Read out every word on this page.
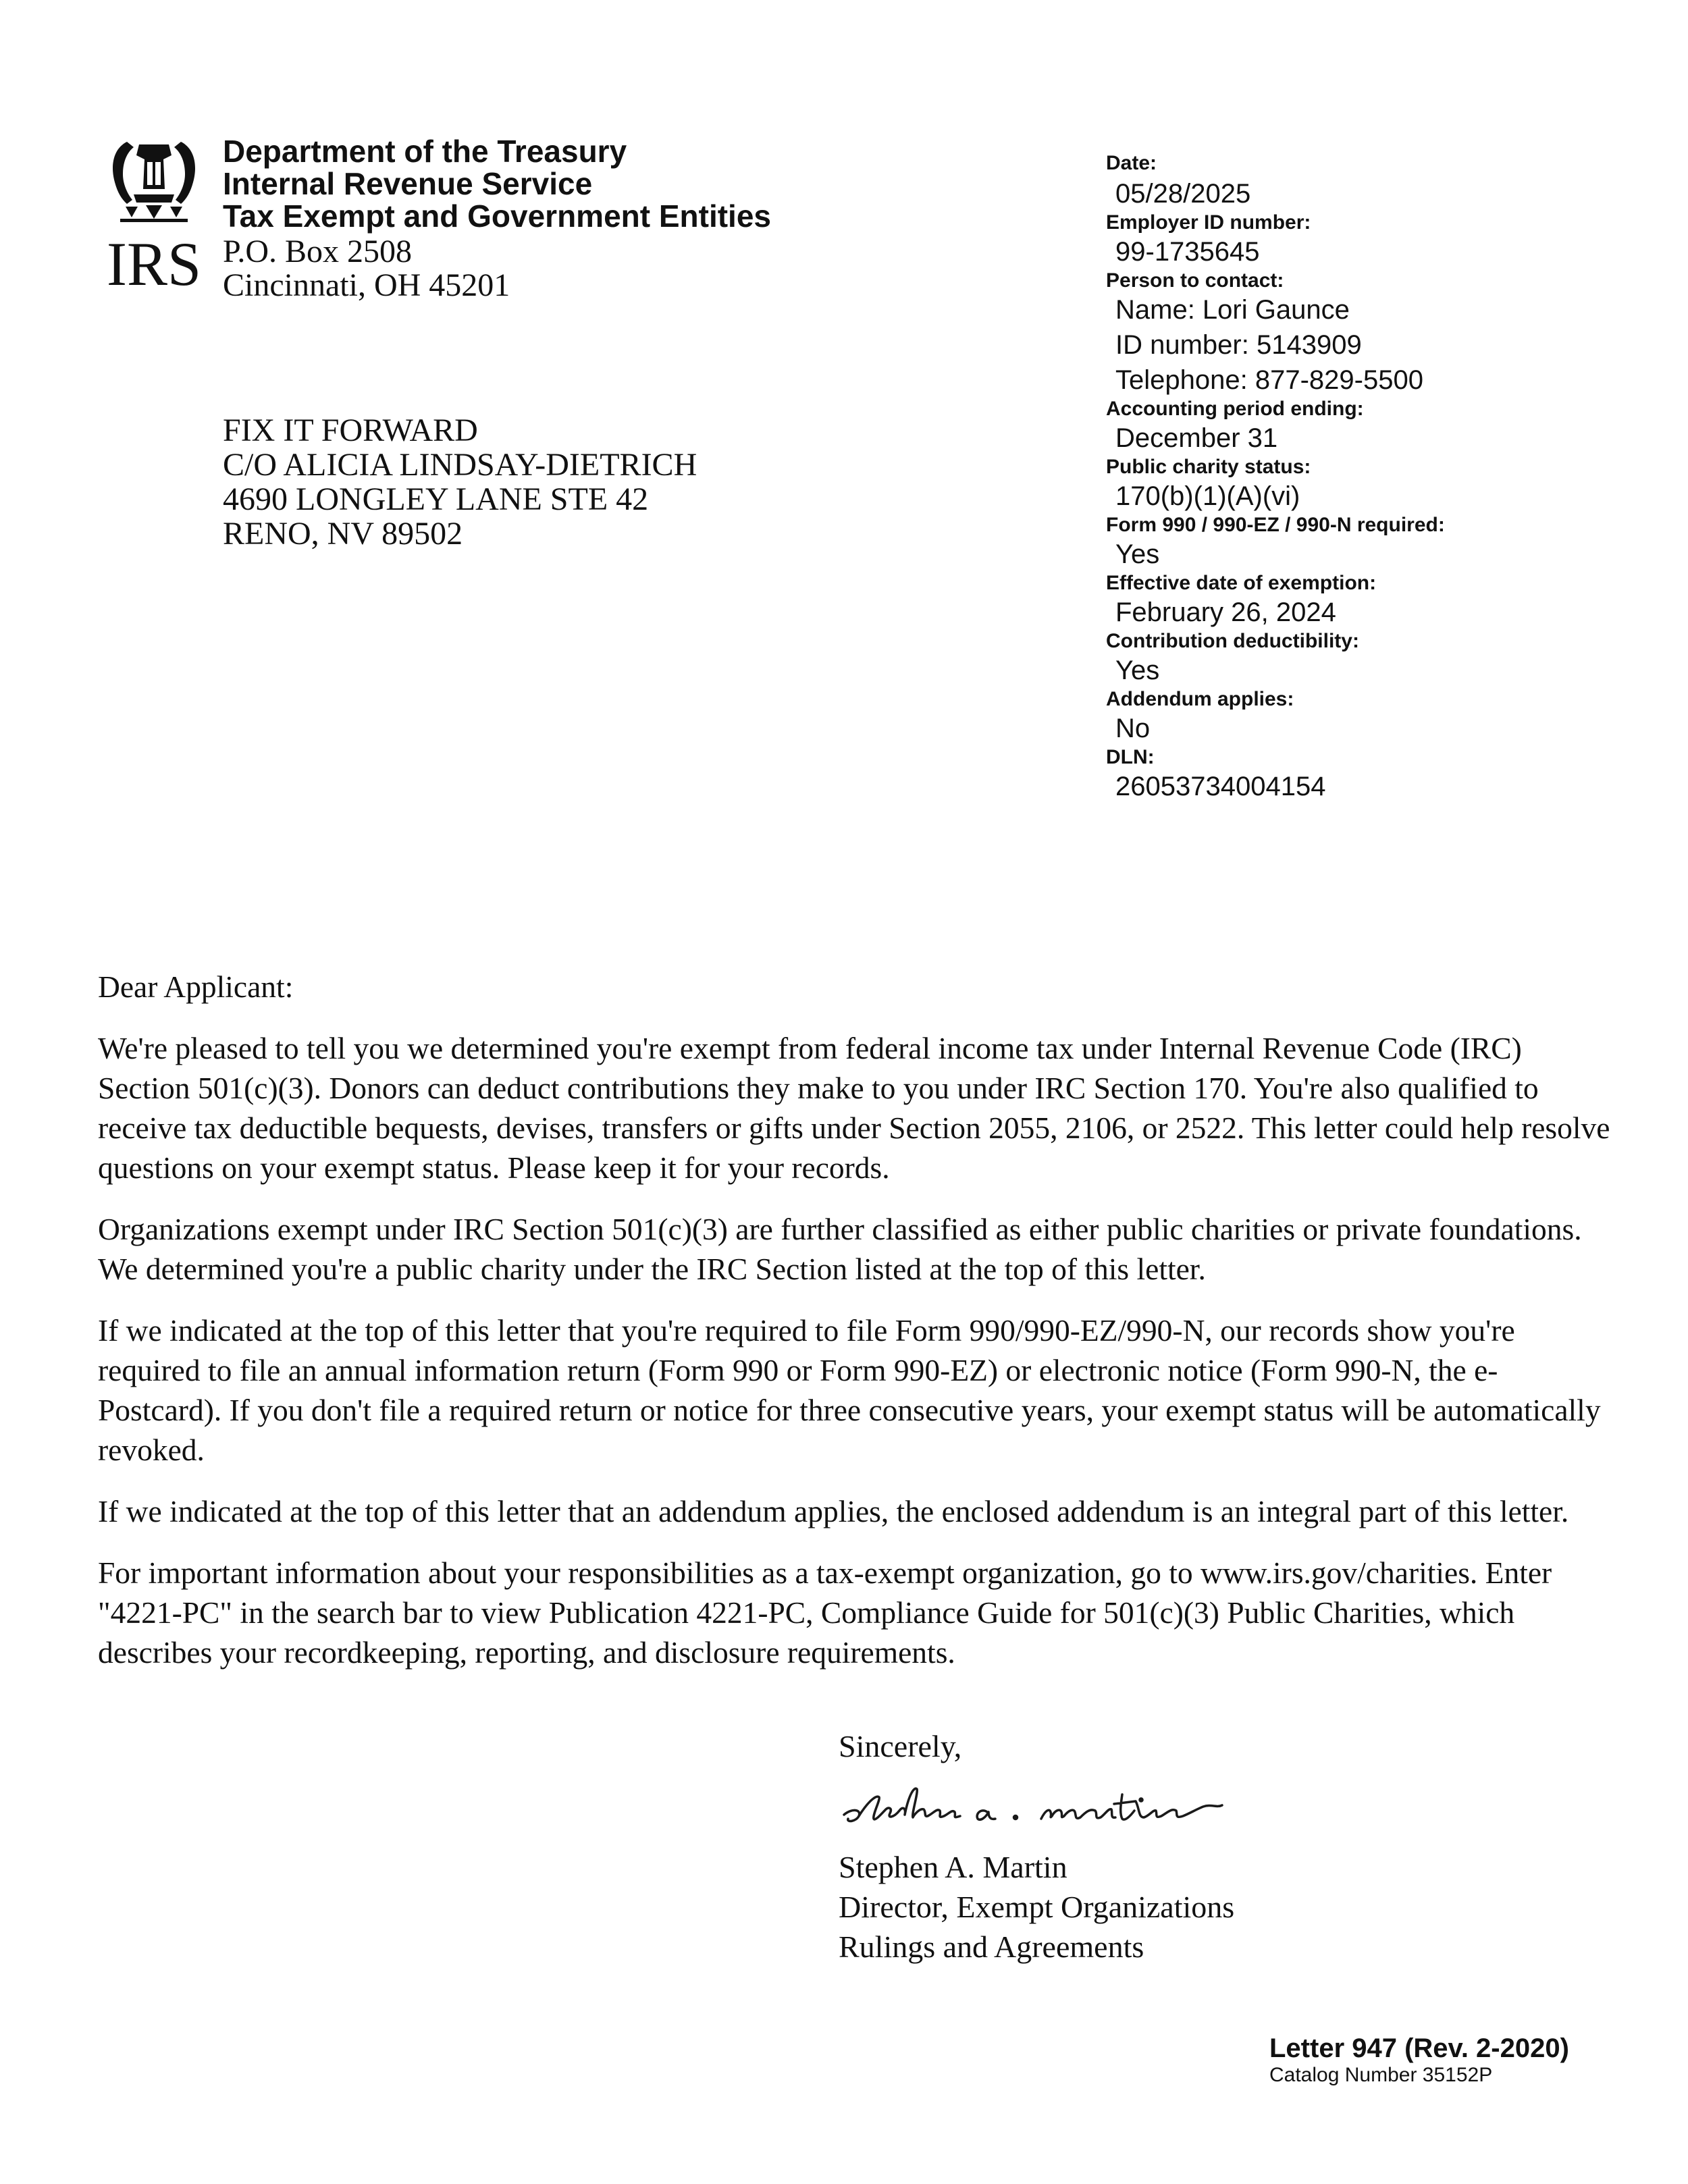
IRS
Department of the Treasury
Internal Revenue Service
Tax Exempt and Government Entities
P.O. Box 2508
Cincinnati, OH 45201
FIX IT FORWARD
C/O ALICIA LINDSAY-DIETRICH
4690 LONGLEY LANE STE 42
RENO, NV 89502
Date:
05/28/2025
Employer ID number:
99-1735645
Person to contact:
Name: Lori Gaunce
ID number: 5143909
Telephone: 877-829-5500
Accounting period ending:
December 31
Public charity status:
170(b)(1)(A)(vi)
Form 990 / 990-EZ / 990-N required:
Yes
Effective date of exemption:
February 26, 2024
Contribution deductibility:
Yes
Addendum applies:
No
DLN:
26053734004154

Dear Applicant:

We're pleased to tell you we determined you're exempt from federal income tax under Internal Revenue Code (IRC) Section 501(c)(3). Donors can deduct contributions they make to you under IRC Section 170. You're also qualified to receive tax deductible bequests, devises, transfers or gifts under Section 2055, 2106, or 2522. This letter could help resolve questions on your exempt status. Please keep it for your records.

Organizations exempt under IRC Section 501(c)(3) are further classified as either public charities or private foundations. We determined you're a public charity under the IRC Section listed at the top of this letter.

If we indicated at the top of this letter that you're required to file Form 990/990-EZ/990-N, our records show you're required to file an annual information return (Form 990 or Form 990-EZ) or electronic notice (Form 990-N, the e-Postcard). If you don't file a required return or notice for three consecutive years, your exempt status will be automatically revoked.

If we indicated at the top of this letter that an addendum applies, the enclosed addendum is an integral part of this letter.

For important information about your responsibilities as a tax-exempt organization, go to www.irs.gov/charities. Enter "4221-PC" in the search bar to view Publication 4221-PC, Compliance Guide for 501(c)(3) Public Charities, which describes your recordkeeping, reporting, and disclosure requirements.

Sincerely,
stephen a. martin
Stephen A. Martin
Director, Exempt Organizations
Rulings and Agreements
Letter 947 (Rev. 2-2020)
Catalog Number 35152P
